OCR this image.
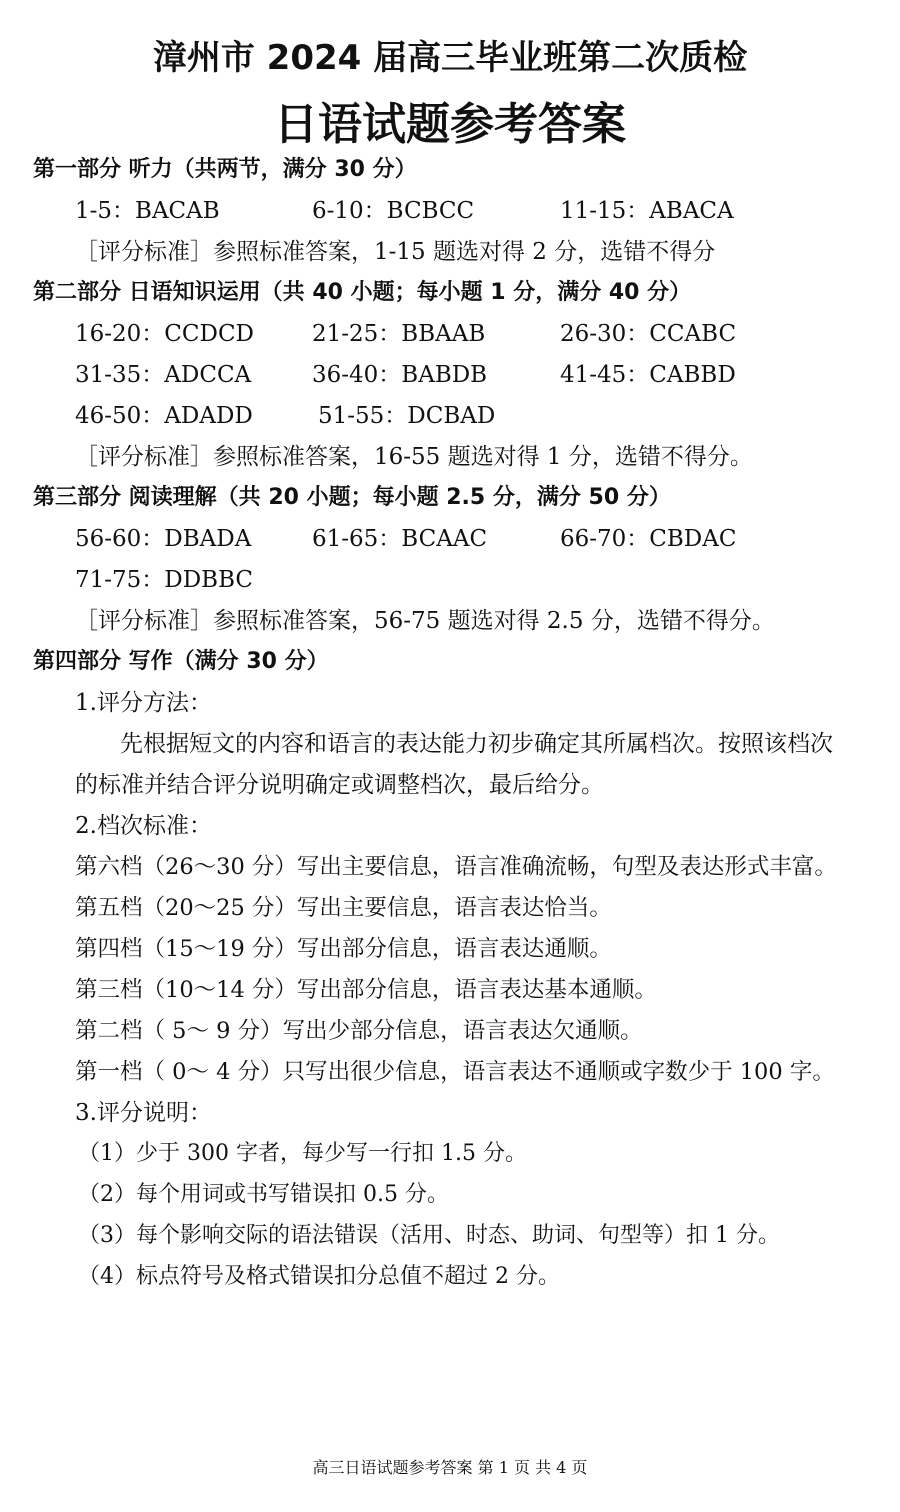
漳州市 2024 届高三毕业班第二次质检
日语试题参考答案
第一部分 听力（共两节，满分 30 分）
1-5：BACAB	6-10：BCBCC	11-15：ABACA
［评分标准］参照标准答案，1-15 题选对得 2 分，选错不得分
第二部分 日语知识运用（共 40 小题；每小题 1 分，满分 40 分）
16-20：CCDCD	21-25：BBAAB	26-30：CCABC
31-35：ADCCA	36-40：BABDB	41-45：CABBD
46-50：ADADD	51-55：DCBAD
［评分标准］参照标准答案，16-55 题选对得 1 分，选错不得分。
第三部分 阅读理解（共 20 小题；每小题 2.5 分，满分 50 分）
56-60：DBADA	61-65：BCAAC	66-70：CBDAC
71-75：DDBBC
［评分标准］参照标准答案，56-75 题选对得 2.5 分，选错不得分。
第四部分 写作（满分 30 分）
1.评分方法：
先根据短文的内容和语言的表达能力初步确定其所属档次。按照该档次
的标准并结合评分说明确定或调整档次，最后给分。
2.档次标准：
第六档（26～30 分）写出主要信息，语言准确流畅，句型及表达形式丰富。
第五档（20～25 分）写出主要信息，语言表达恰当。
第四档（15～19 分）写出部分信息，语言表达通顺。
第三档（10～14 分）写出部分信息，语言表达基本通顺。
第二档（ 5～ 9 分）写出少部分信息，语言表达欠通顺。
第一档（ 0～ 4 分）只写出很少信息，语言表达不通顺或字数少于 100 字。
3.评分说明：
（1）少于 300 字者，每少写一行扣 1.5 分。
（2）每个用词或书写错误扣 0.5 分。
（3）每个影响交际的语法错误（活用、时态、助词、句型等）扣 1 分。
（4）标点符号及格式错误扣分总值不超过 2 分。
高三日语试题参考答案 第 1 页 共 4 页
